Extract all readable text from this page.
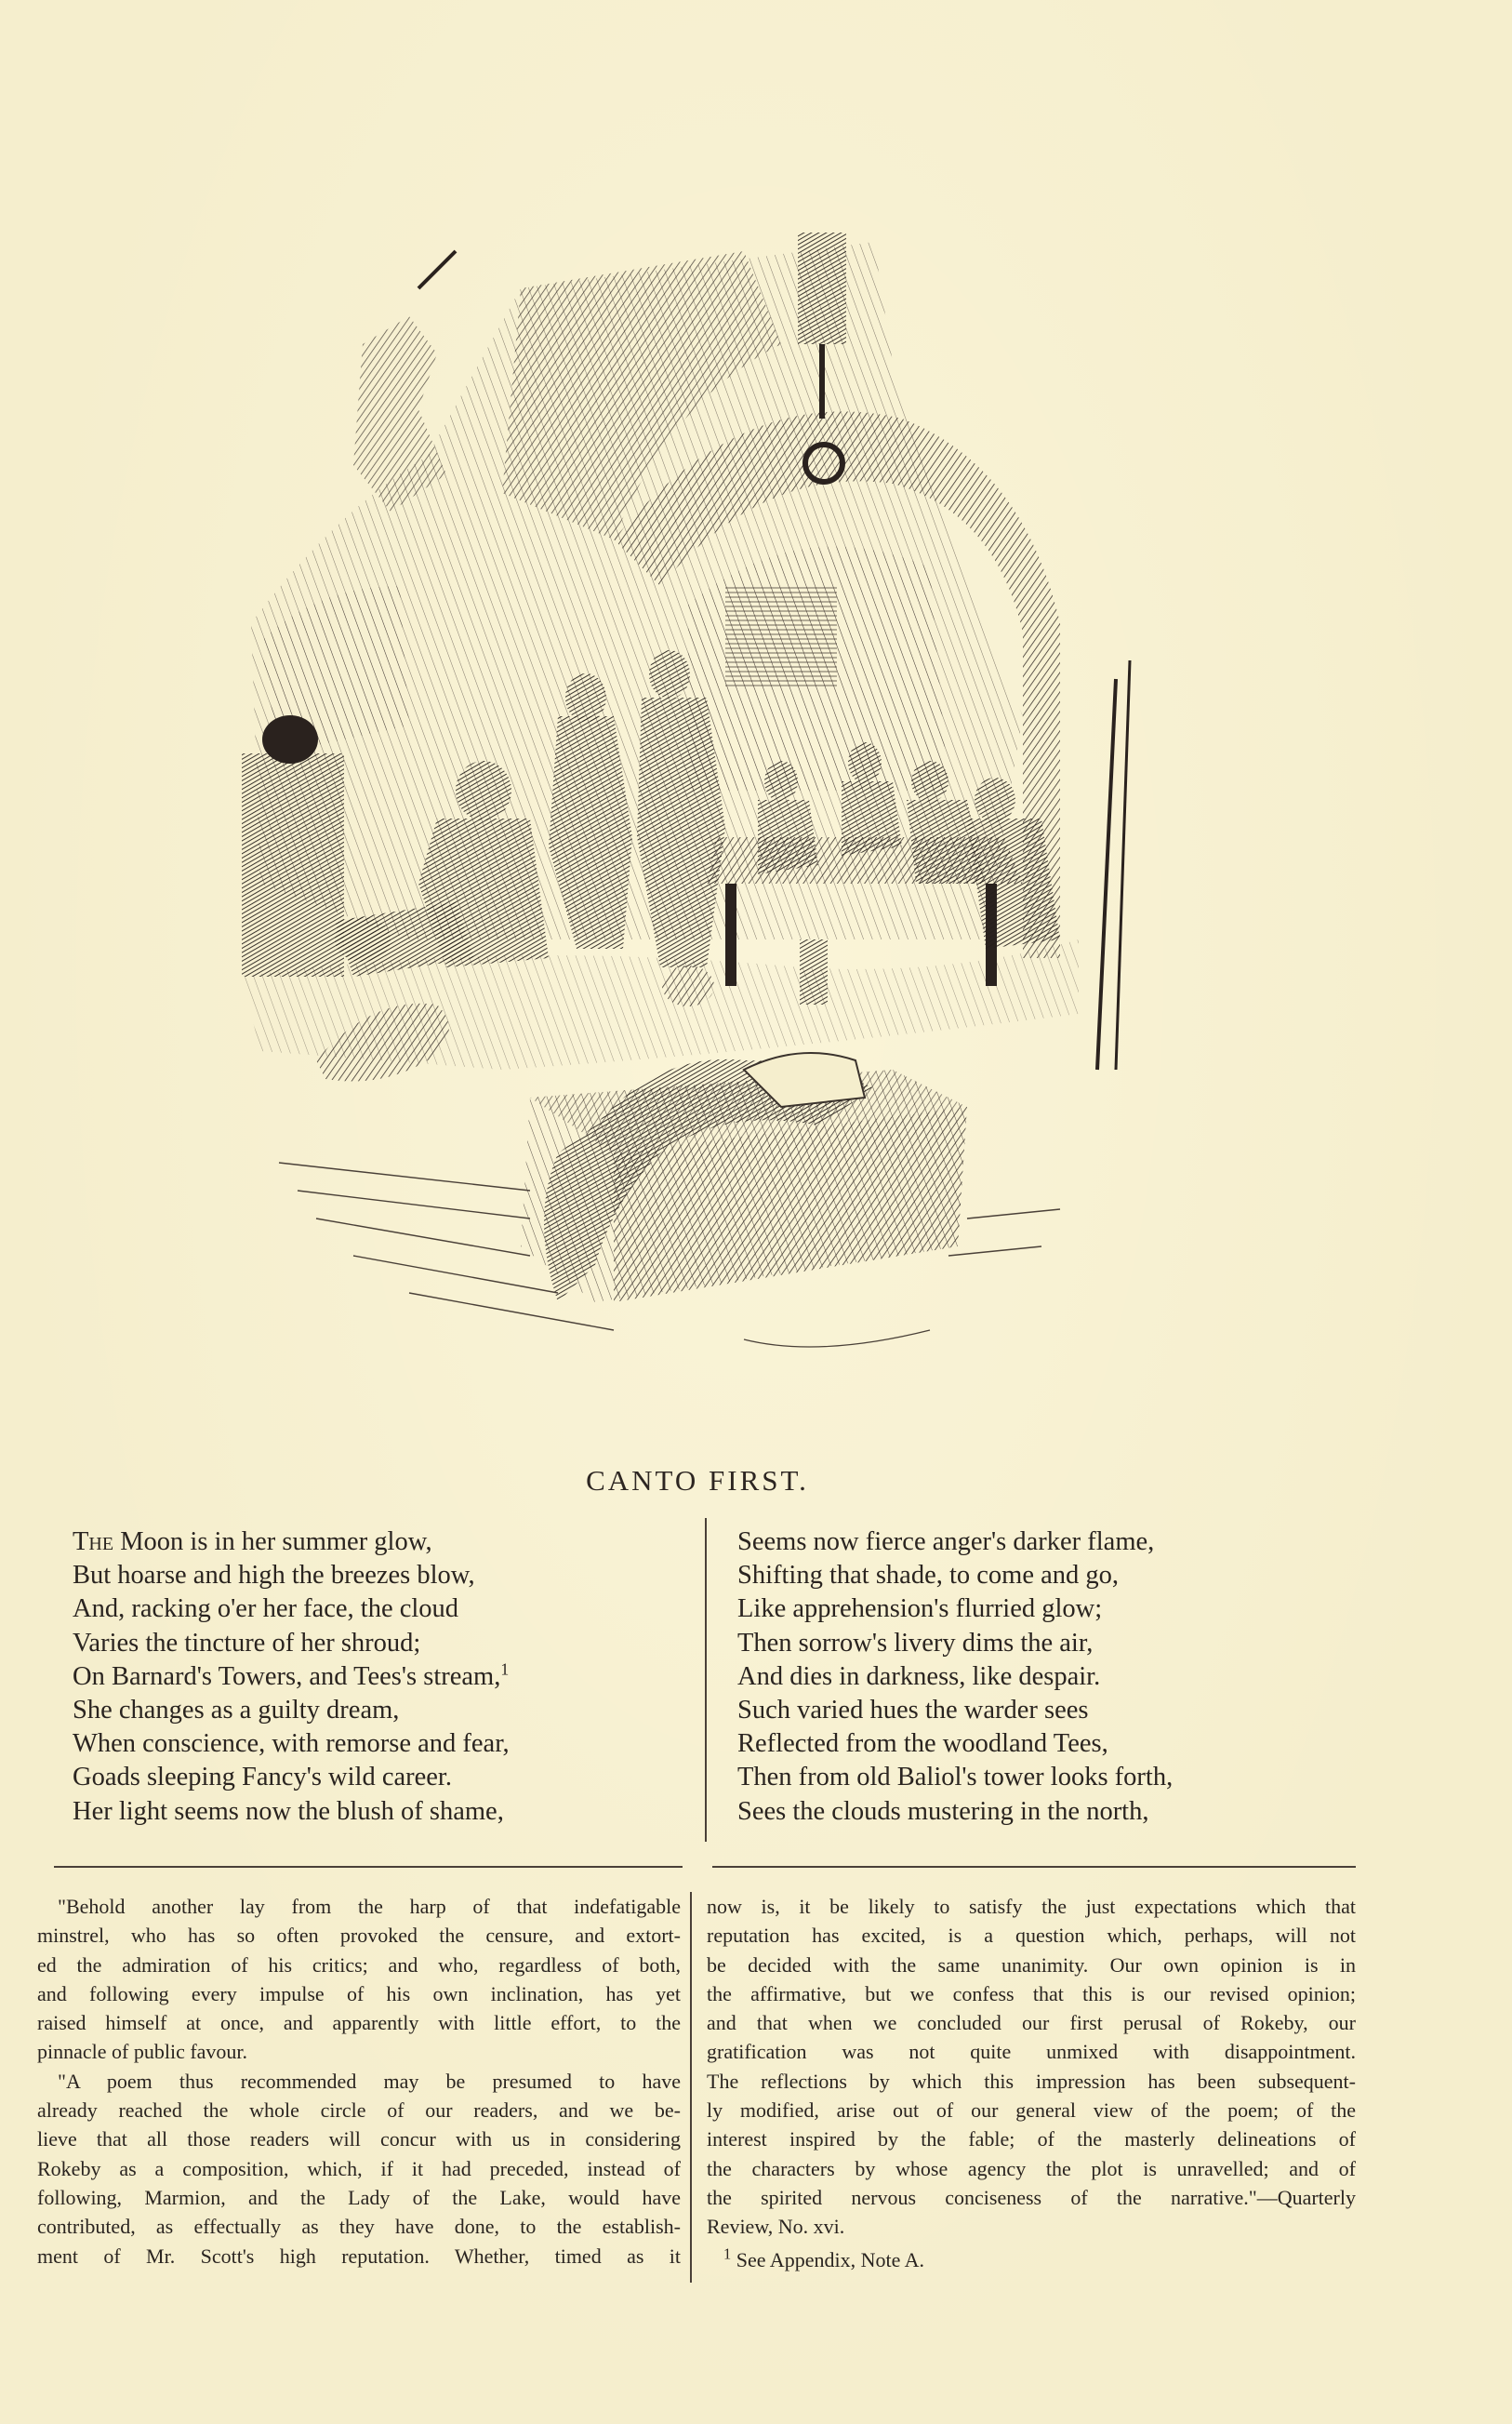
CANTO FIRST.
The Moon is in her summer glow,
But hoarse and high the breezes blow,
And, racking o'er her face, the cloud
Varies the tincture of her shroud;
On Barnard's Towers, and Tees's stream,$^1$
She changes as a guilty dream,
When conscience, with remorse and fear,
Goads sleeping Fancy's wild career.
Her light seems now the blush of shame,
Seems now fierce anger's darker flame,
Shifting that shade, to come and go,
Like apprehension's flurried glow;
Then sorrow's livery dims the air,
And dies in darkness, like despair.
Such varied hues the warder sees
Reflected from the woodland Tees,
Then from old Baliol's tower looks forth,
Sees the clouds mustering in the north,
"Behold another lay from the harp of that indefatigable
minstrel, who has so often provoked the censure, and extort-
ed the admiration of his critics; and who, regardless of both,
and following every impulse of his own inclination, has yet
raised himself at once, and apparently with little effort, to the
pinnacle of public favour.
"A poem thus recommended may be presumed to have
already reached the whole circle of our readers, and we be-
lieve that all those readers will concur with us in considering
Rokeby as a composition, which, if it had preceded, instead of
following, Marmion, and the Lady of the Lake, would have
contributed, as effectually as they have done, to the establish-
ment of Mr. Scott's high reputation. Whether, timed as it
now is, it be likely to satisfy the just expectations which that
reputation has excited, is a question which, perhaps, will not
be decided with the same unanimity. Our own opinion is in
the affirmative, but we confess that this is our revised opinion;
and that when we concluded our first perusal of Rokeby, our
gratification was not quite unmixed with disappointment.
The reflections by which this impression has been subsequent-
ly modified, arise out of our general view of the poem; of the
interest inspired by the fable; of the masterly delineations of
the characters by whose agency the plot is unravelled; and of
the spirited nervous conciseness of the narrative."—Quarterly
Review, No. xvi.
$^1$ See Appendix, Note A.
